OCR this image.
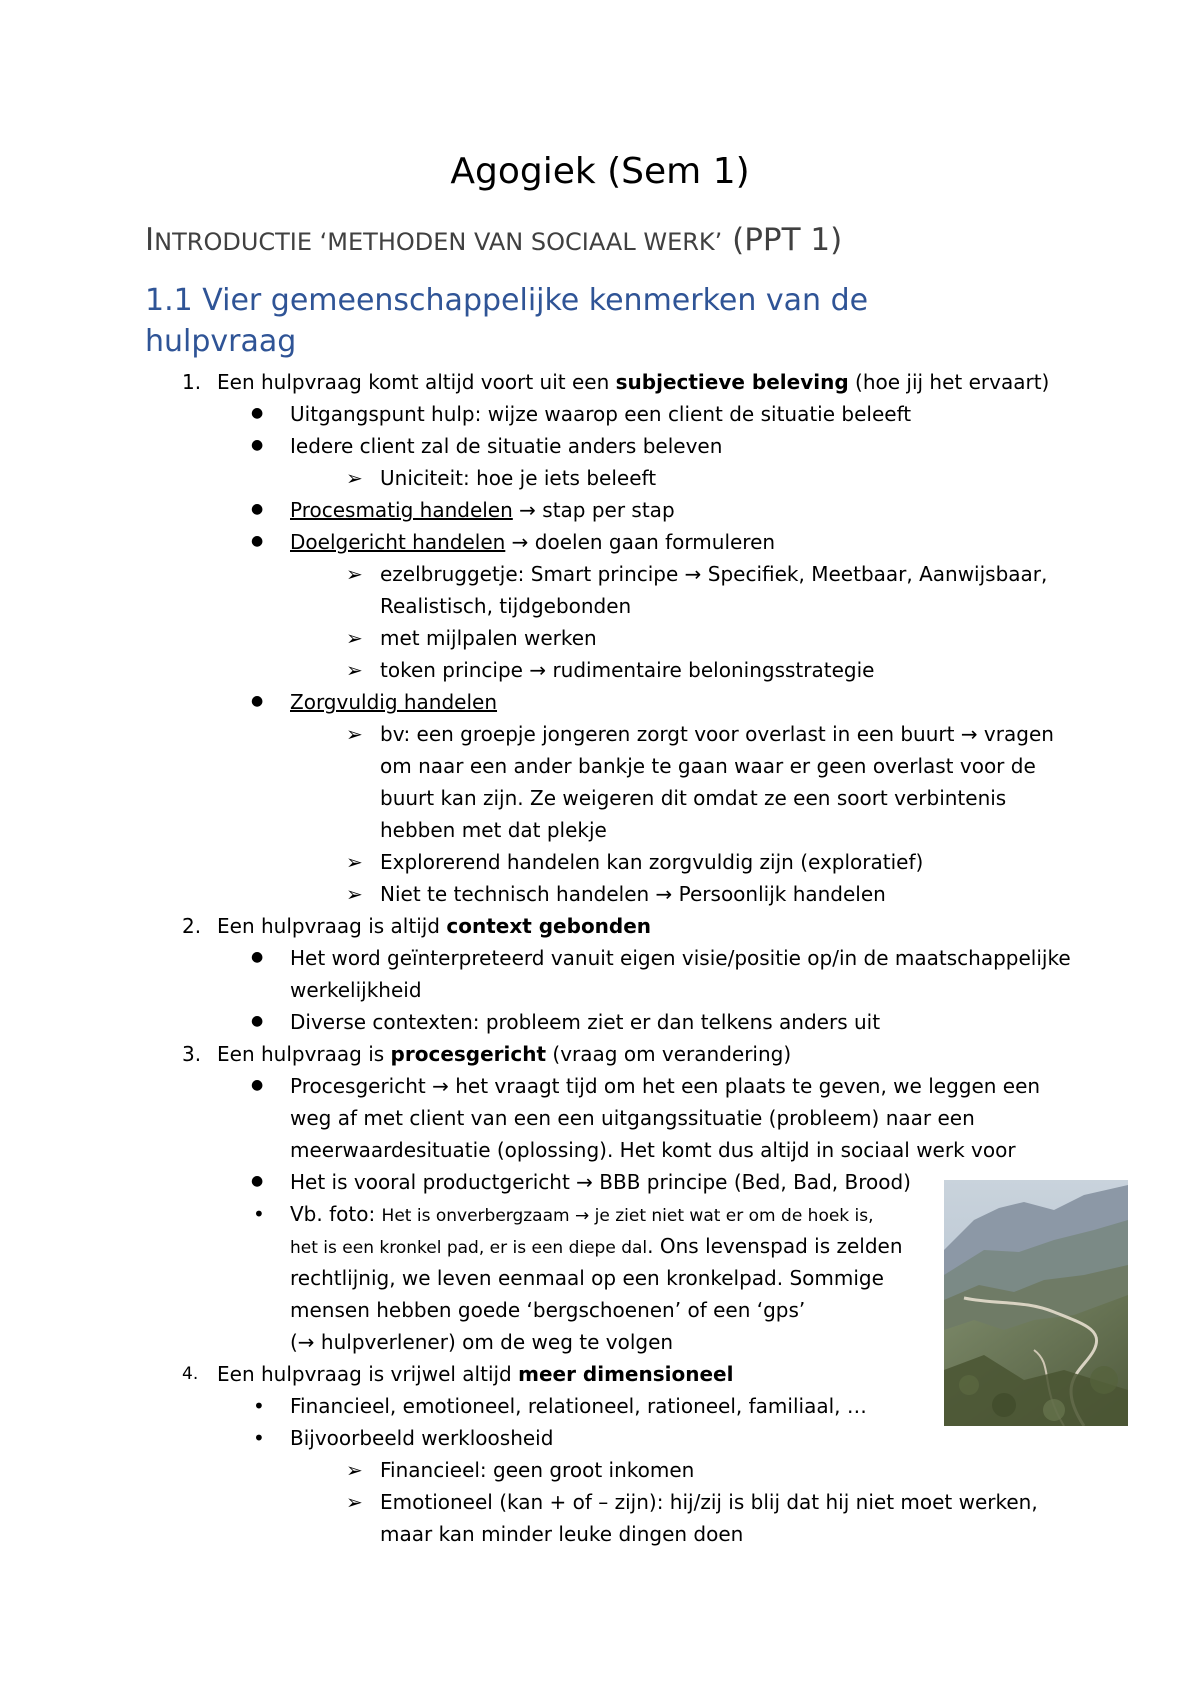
Agogiek (Sem 1)
INTRODUCTIE ‘METHODEN VAN SOCIAAL WERK’ (PPT 1)
1.1 Vier gemeenschappelijke kenmerken van de hulpvraag
1. Een hulpvraag komt altijd voort uit een subjectieve beleving (hoe jij het ervaart)
● Uitgangspunt hulp: wijze waarop een client de situatie beleeft
● Iedere client zal de situatie anders beleven
➢ Uniciteit: hoe je iets beleeft
● Procesmatig handelen → stap per stap
● Doelgericht handelen → doelen gaan formuleren
➢ ezelbruggetje: Smart principe → Specifiek, Meetbaar, Aanwijsbaar,
Realistisch, tijdgebonden
➢ met mijlpalen werken
➢ token principe → rudimentaire beloningsstrategie
● Zorgvuldig handelen
➢ bv: een groepje jongeren zorgt voor overlast in een buurt → vragen
om naar een ander bankje te gaan waar er geen overlast voor de
buurt kan zijn. Ze weigeren dit omdat ze een soort verbintenis
hebben met dat plekje
➢ Explorerend handelen kan zorgvuldig zijn (exploratief)
➢ Niet te technisch handelen → Persoonlijk handelen
2. Een hulpvraag is altijd context gebonden
● Het word geïnterpreteerd vanuit eigen visie/positie op/in de maatschappelijke
werkelijkheid
● Diverse contexten: probleem ziet er dan telkens anders uit
3. Een hulpvraag is procesgericht (vraag om verandering)
● Procesgericht → het vraagt tijd om het een plaats te geven, we leggen een
weg af met client van een een uitgangssituatie (probleem) naar een
meerwaardesituatie (oplossing). Het komt dus altijd in sociaal werk voor
● Het is vooral productgericht → BBB principe (Bed, Bad, Brood)
• Vb. foto: Het is onverbergzaam → je ziet niet wat er om de hoek is,
het is een kronkel pad, er is een diepe dal. Ons levenspad is zelden
rechtlijnig, we leven eenmaal op een kronkelpad. Sommige
mensen hebben goede ‘bergschoenen’ of een ‘gps’
(→ hulpverlener) om de weg te volgen
4. Een hulpvraag is vrijwel altijd meer dimensioneel
• Financieel, emotioneel, relationeel, rationeel, familiaal, …
• Bijvoorbeeld werkloosheid
➢ Financieel: geen groot inkomen
➢ Emotioneel (kan + of – zijn): hij/zij is blij dat hij niet moet werken,
maar kan minder leuke dingen doen
